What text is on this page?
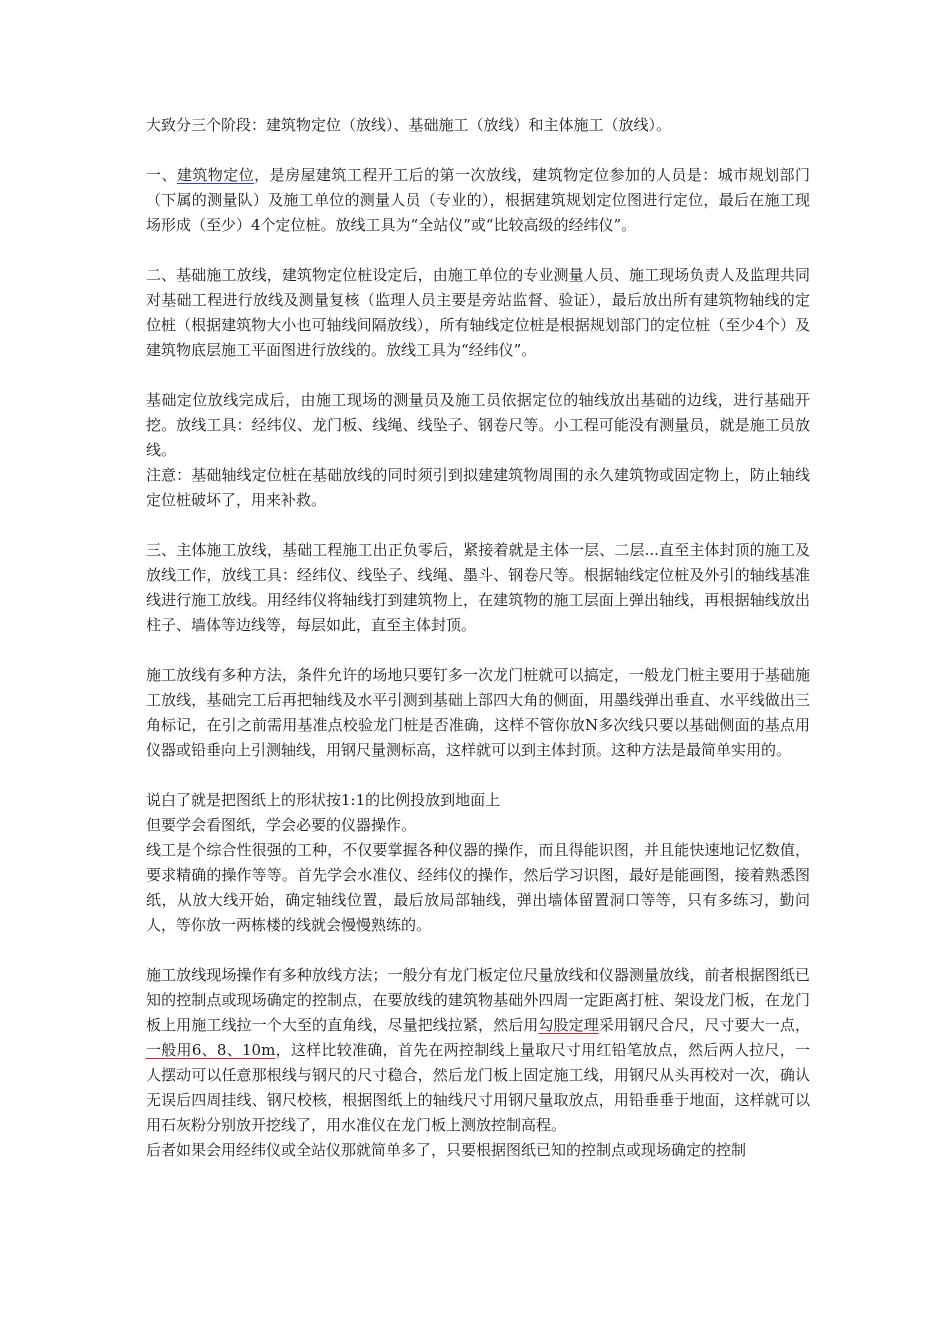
大致分三个阶段：建筑物定位（放线）、基础施工（放线）和主体施工（放线）。

一、建筑物定位，是房屋建筑工程开工后的第一次放线，建筑物定位参加的人员是：城市规划部门（下属的测量队）及施工单位的测量人员（专业的），根据建筑规划定位图进行定位，最后在施工现场形成（至少）4个定位桩。放线工具为“全站仪”或“比较高级的经纬仪”。

二、基础施工放线，建筑物定位桩设定后，由施工单位的专业测量人员、施工现场负责人及监理共同对基础工程进行放线及测量复核（监理人员主要是旁站监督、验证），最后放出所有建筑物轴线的定位桩（根据建筑物大小也可轴线间隔放线），所有轴线定位桩是根据规划部门的定位桩（至少4个）及建筑物底层施工平面图进行放线的。放线工具为“经纬仪”。

基础定位放线完成后，由施工现场的测量员及施工员依据定位的轴线放出基础的边线，进行基础开挖。放线工具：经纬仪、龙门板、线绳、线坠子、钢卷尺等。小工程可能没有测量员，就是施工员放线。

注意：基础轴线定位桩在基础放线的同时须引到拟建建筑物周围的永久建筑物或固定物上，防止轴线定位桩破坏了，用来补救。

三、主体施工放线，基础工程施工出正负零后，紧接着就是主体一层、二层...直至主体封顶的施工及放线工作，放线工具：经纬仪、线坠子、线绳、墨斗、钢卷尺等。根据轴线定位桩及外引的轴线基准线进行施工放线。用经纬仪将轴线打到建筑物上，在建筑物的施工层面上弹出轴线，再根据轴线放出柱子、墙体等边线等，每层如此，直至主体封顶。

施工放线有多种方法，条件允许的场地只要钉多一次龙门桩就可以搞定，一般龙门桩主要用于基础施工放线，基础完工后再把轴线及水平引测到基础上部四大角的侧面，用墨线弹出垂直、水平线做出三角标记，在引之前需用基准点校验龙门桩是否准确，这样不管你放N多次线只要以基础侧面的基点用仪器或铅垂向上引测轴线，用钢尺量测标高，这样就可以到主体封顶。这种方法是最简单实用的。

说白了就是把图纸上的形状按1:1的比例投放到地面上

但要学会看图纸，学会必要的仪器操作。

线工是个综合性很强的工种，不仅要掌握各种仪器的操作，而且得能识图，并且能快速地记忆数值，要求精确的操作等等。首先学会水准仪、经纬仪的操作，然后学习识图，最好是能画图，接着熟悉图纸，从放大线开始，确定轴线位置，最后放局部轴线，弹出墙体留置洞口等等，只有多练习，勤问人，等你放一两栋楼的线就会慢慢熟练的。

施工放线现场操作有多种放线方法；一般分有龙门板定位尺量放线和仪器测量放线，前者根据图纸已知的控制点或现场确定的控制点，在要放线的建筑物基础外四周一定距离打桩、架设龙门板，在龙门板上用施工线拉一个大至的直角线，尽量把线拉紧，然后用勾股定理采用钢尺合尺，尺寸要大一点，一般用6、8、10m，这样比较准确，首先在两控制线上量取尺寸用红铅笔放点，然后两人拉尺，一人摆动可以任意那根线与钢尺的尺寸稳合，然后龙门板上固定施工线，用钢尺从头再校对一次，确认无误后四周挂线、钢尺校核，根据图纸上的轴线尺寸用钢尺量取放点，用铅垂垂于地面，这样就可以用石灰粉分别放开挖线了，用水准仪在龙门板上测放控制高程。

后者如果会用经纬仪或全站仪那就简单多了，只要根据图纸已知的控制点或现场确定的控制
